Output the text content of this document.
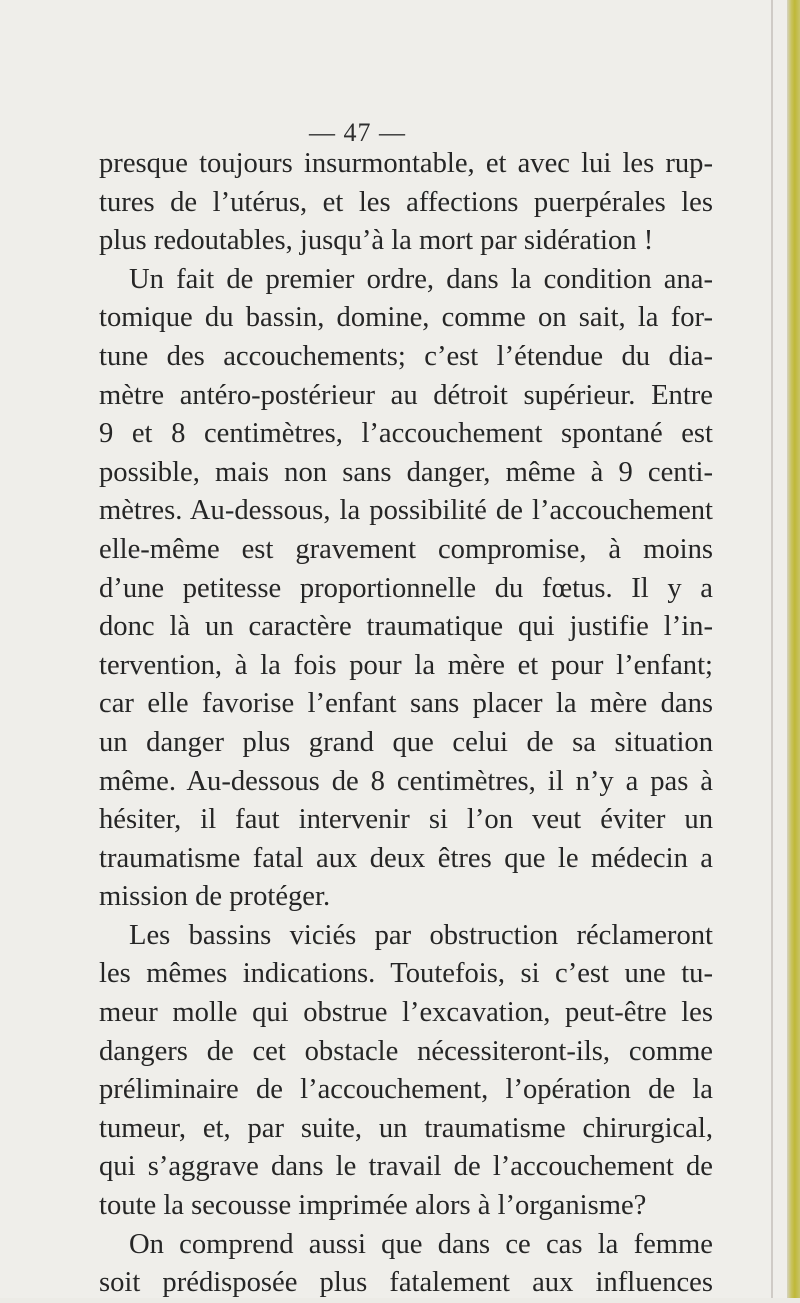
— 47 —
presque toujours insurmontable, et avec lui les rup-
tures de l’utérus, et les affections puerpérales les
plus redoutables, jusqu’à la mort par sidération !
Un fait de premier ordre, dans la condition ana-
tomique du bassin, domine, comme on sait, la for-
tune des accouchements; c’est l’étendue du dia-
mètre antéro-postérieur au détroit supérieur. Entre
9 et 8 centimètres, l’accouchement spontané est
possible, mais non sans danger, même à 9 centi-
mètres. Au-dessous, la possibilité de l’accouchement
elle-même est gravement compromise, à moins
d’une petitesse proportionnelle du fœtus. Il y a
donc là un caractère traumatique qui justifie l’in-
tervention, à la fois pour la mère et pour l’enfant;
car elle favorise l’enfant sans placer la mère dans
un danger plus grand que celui de sa situation
même. Au-dessous de 8 centimètres, il n’y a pas à
hésiter, il faut intervenir si l’on veut éviter un
traumatisme fatal aux deux êtres que le médecin a
mission de protéger.
Les bassins viciés par obstruction réclameront
les mêmes indications. Toutefois, si c’est une tu-
meur molle qui obstrue l’excavation, peut-être les
dangers de cet obstacle nécessiteront-ils, comme
préliminaire de l’accouchement, l’opération de la
tumeur, et, par suite, un traumatisme chirurgical,
qui s’aggrave dans le travail de l’accouchement de
toute la secousse imprimée alors à l’organisme?
On comprend aussi que dans ce cas la femme
soit prédisposée plus fatalement aux influences
